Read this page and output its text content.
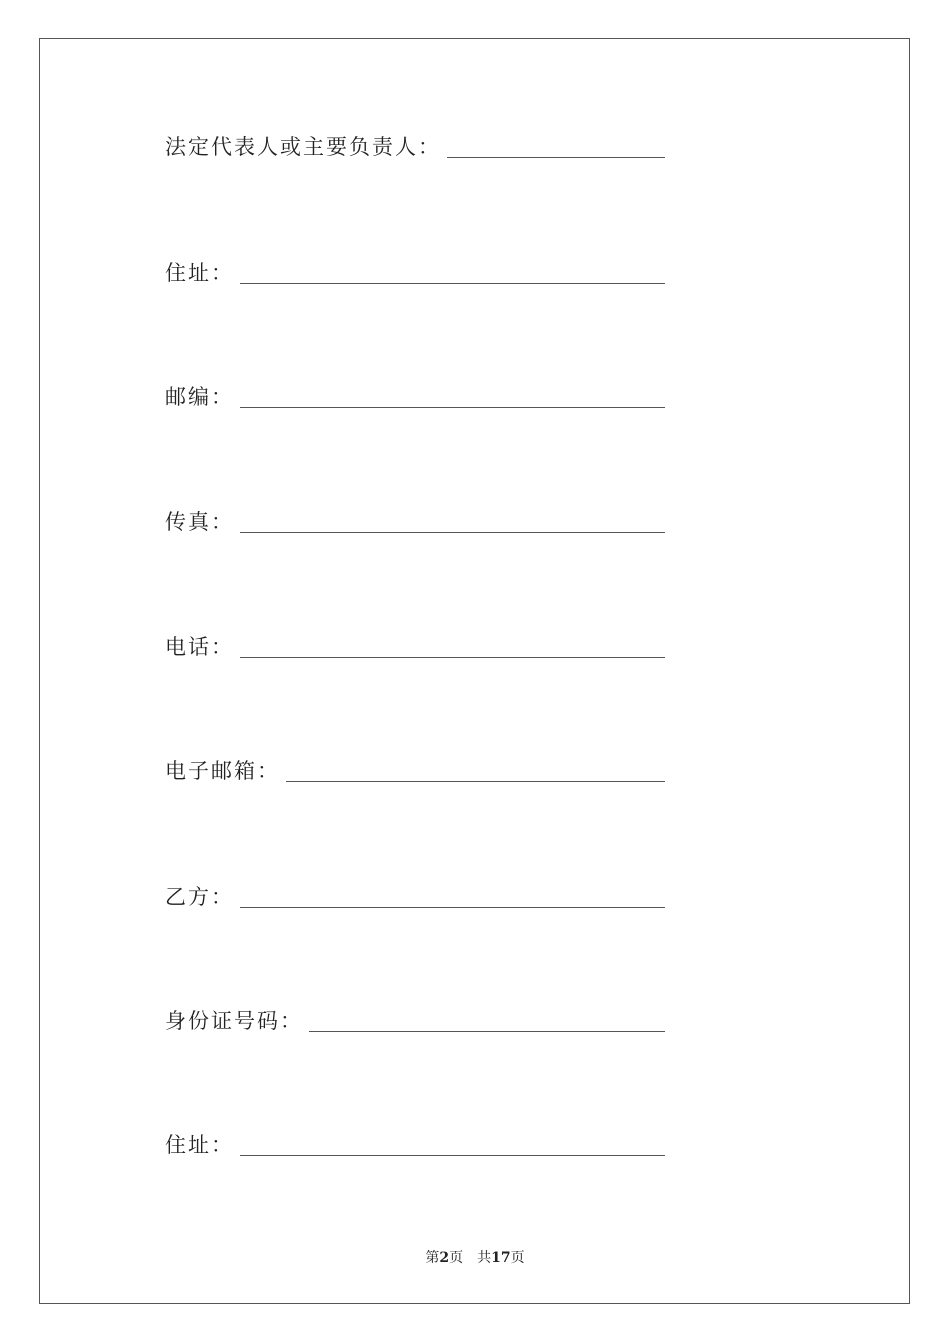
法定代表人或主要负责人：
住址：
邮编：
传真：
电话：
电子邮箱：
乙方：
身份证号码：
住址：
第2页 共17页
